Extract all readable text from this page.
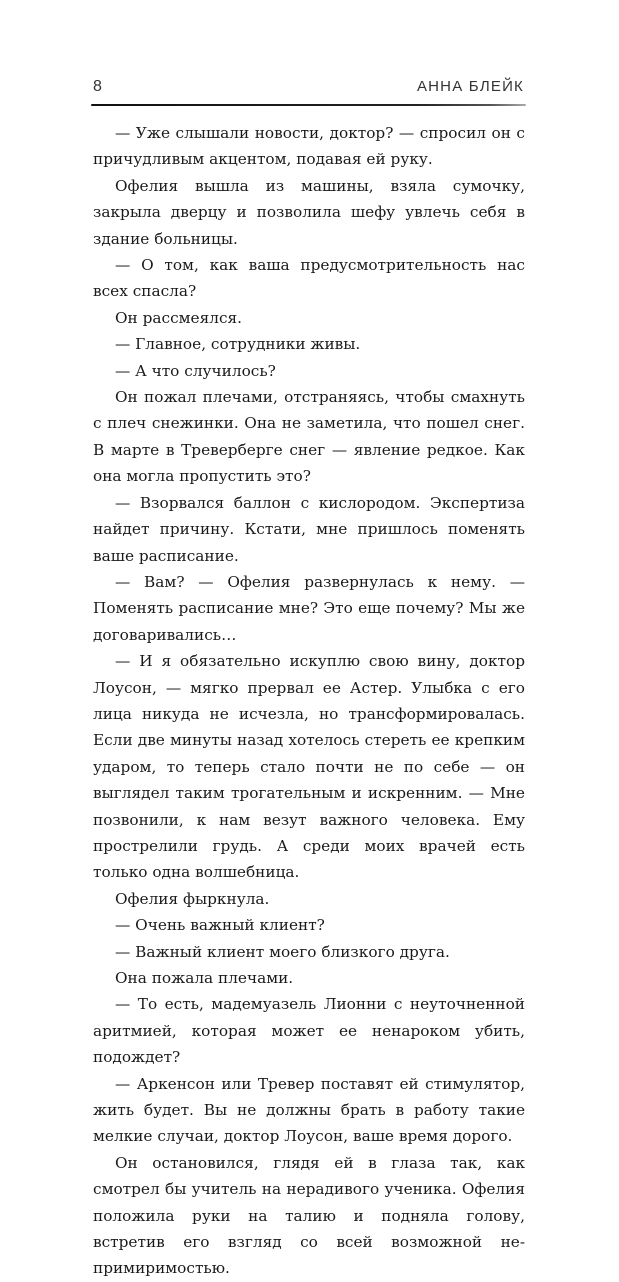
8	АННА БЛЕЙК

— Уже слышали новости, доктор? — спросил он с причудливым акцентом, подавая ей руку.

Офелия вышла из машины, взяла сумочку, закрыла дверцу и позволила шефу увлечь себя в здание больницы.

— О том, как ваша предусмотрительность нас всех спасла?

Он рассмеялся.

— Главное, сотрудники живы.

— А что случилось?

Он пожал плечами, отстраняясь, чтобы смахнуть с плеч снежинки. Она не заметила, что пошел снег. В марте в Треверберге снег — явление редкое. Как она могла пропустить это?

— Взорвался баллон с кислородом. Экспертиза найдет причину. Кстати, мне пришлось поменять ваше расписание.

— Вам? — Офелия развернулась к нему. — Поменять расписание мне? Это еще почему? Мы же договаривались…

— И я обязательно искуплю свою вину, доктор Лоусон, — мягко прервал ее Астер. Улыбка с его лица никуда не исчезла, но трансформировалась. Если две минуты назад хотелось стереть ее крепким ударом, то теперь стало почти не по себе — он выглядел таким трогательным и искренним. — Мне позвонили, к нам везут важного человека. Ему прострелили грудь. А среди моих врачей есть только одна волшебница.

Офелия фыркнула.

— Очень важный клиент?

— Важный клиент моего близкого друга.

Она пожала плечами.

— То есть, мадемуазель Лионни с неуточненной аритмией, которая может ее ненароком убить, подождет?

— Аркенсон или Тревер поставят ей стимулятор, жить будет. Вы не должны брать в работу такие мелкие случаи, доктор Лоусон, ваше время дорого.

Он остановился, глядя ей в глаза так, как смотрел бы учитель на нерадивого ученика. Офелия положила руки на талию и подняла голову, встретив его взгляд со всей возможной непримиримостью.
